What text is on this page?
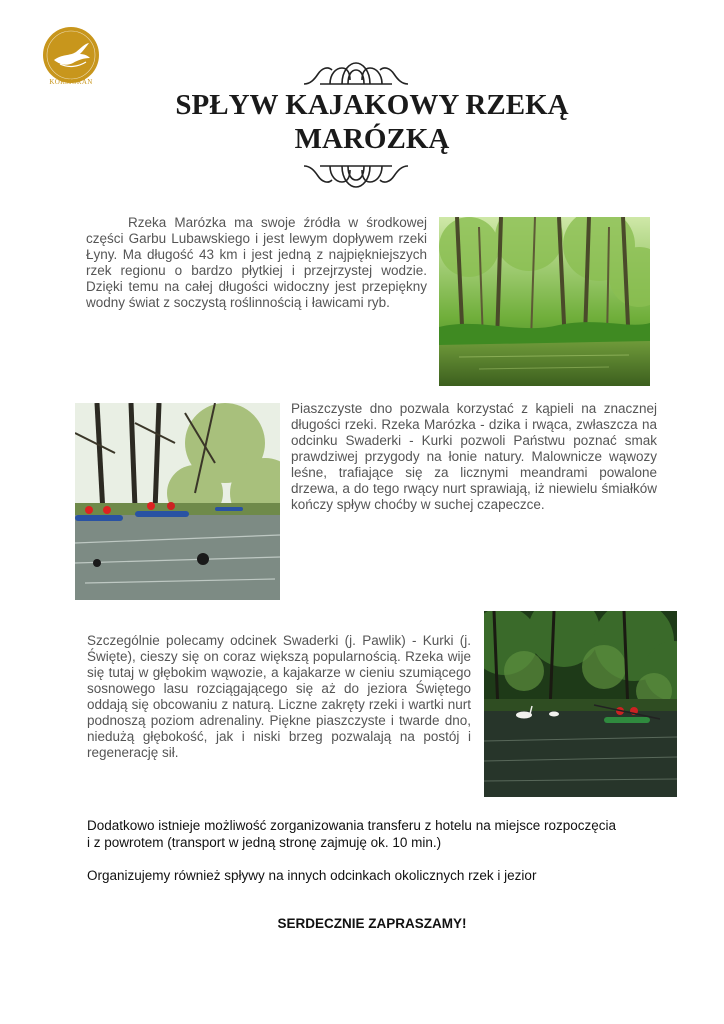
KORMORAN
SPŁYW KAJAKOWY RZEKĄ
MARÓZKĄ

Rzeka Marózka ma swoje źródła w środkowej części Garbu Lubawskiego i jest lewym dopływem rzeki Łyny. Ma długość 43 km i jest jedną z najpiękniejszych rzek regionu o bardzo płytkiej i przejrzystej wodzie. Dzięki temu na całej długości widoczny jest przepiękny wodny świat z soczystą roślinnością i ławicami ryb.

Piaszczyste dno pozwala korzystać z kąpieli na znacznej długości rzeki. Rzeka Marózka - dzika i rwąca, zwłaszcza na odcinku Swaderki - Kurki pozwoli Państwu poznać smak prawdziwej przygody na łonie natury. Malownicze wąwozy leśne, trafiające się za licznymi meandrami powalone drzewa, a do tego rwący nurt sprawiają, iż niewielu śmiałków kończy spływ choćby w suchej czapeczce.

Szczególnie polecamy odcinek Swaderki (j. Pawlik) - Kurki (j. Święte), cieszy się on coraz większą popularnością. Rzeka wije się tutaj w głębokim wąwozie, a kajakarze w cieniu szumiącego sosnowego lasu rozciągającego się aż do jeziora Świętego oddają się obcowaniu z naturą. Liczne zakręty rzeki i wartki nurt podnoszą poziom adrenaliny. Piękne piaszczyste i twarde dno, niedużą głębokość, jak i niski brzeg pozwalają na postój i regenerację sił.

Dodatkowo istnieje możliwość zorganizowania transferu z hotelu na miejsce rozpoczęcia i z powrotem (transport w jedną stronę zajmuję ok. 10 min.)

Organizujemy również spływy na innych odcinkach okolicznych rzek i jezior

SERDECZNIE ZAPRASZAMY!
